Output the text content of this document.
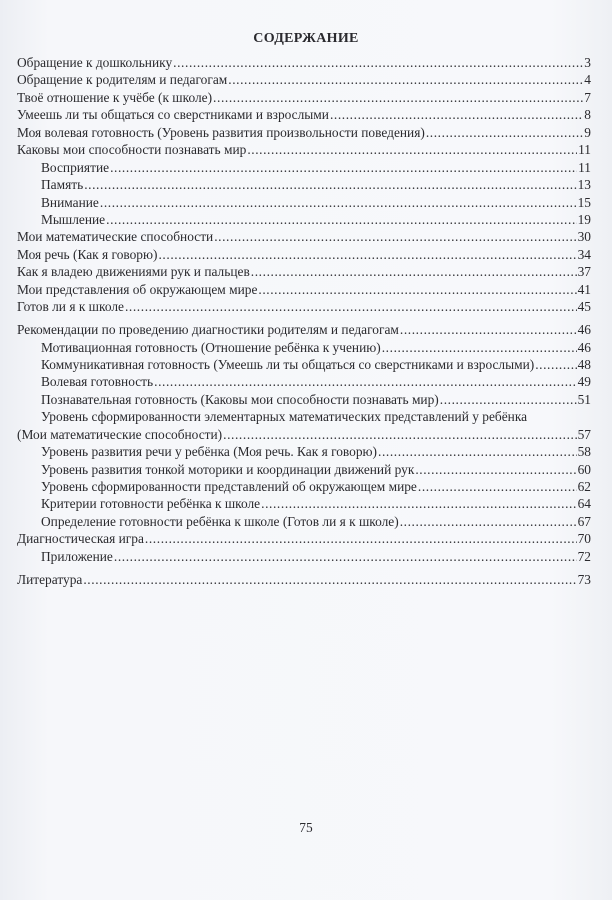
СОДЕРЖАНИЕ
Обращение к дошкольнику .....	3
Обращение к родителям и педагогам .....	4
Твоё отношение к учёбе (к школе) .....	7
Умеешь ли ты общаться со сверстниками и взрослыми .....	8
Моя волевая готовность (Уровень развития произвольности поведения) .....	9
Каковы мои способности познавать мир .....	11
Восприятие .....	11
Память .....	13
Внимание .....	15
Мышление .....	19
Мои математические способности .....	30
Моя речь (Как я говорю) .....	34
Как я владею движениями рук и пальцев .....	37
Мои представления об окружающем мире .....	41
Готов ли я к школе .....	45
Рекомендации по проведению диагностики родителям и педагогам .....	46
Мотивационная готовность (Отношение ребёнка к учению) .....	46
Коммуникативная готовность (Умеешь ли ты общаться со сверстниками и взрослыми) .....	48
Волевая готовность .....	49
Познавательная готовность (Каковы мои способности познавать мир) .....	51
Уровень сформированности элементарных математических представлений у ребёнка
(Мои математические способности) .....	57
Уровень развития речи у ребёнка (Моя речь. Как я говорю) .....	58
Уровень развития тонкой моторики и координации движений рук .....	60
Уровень сформированности представлений об окружающем мире .....	62
Критерии готовности ребёнка к школе .....	64
Определение готовности ребёнка к школе (Готов ли я к школе) .....	67
Диагностическая игра .....	70
Приложение .....	72
Литература .....	73
75
